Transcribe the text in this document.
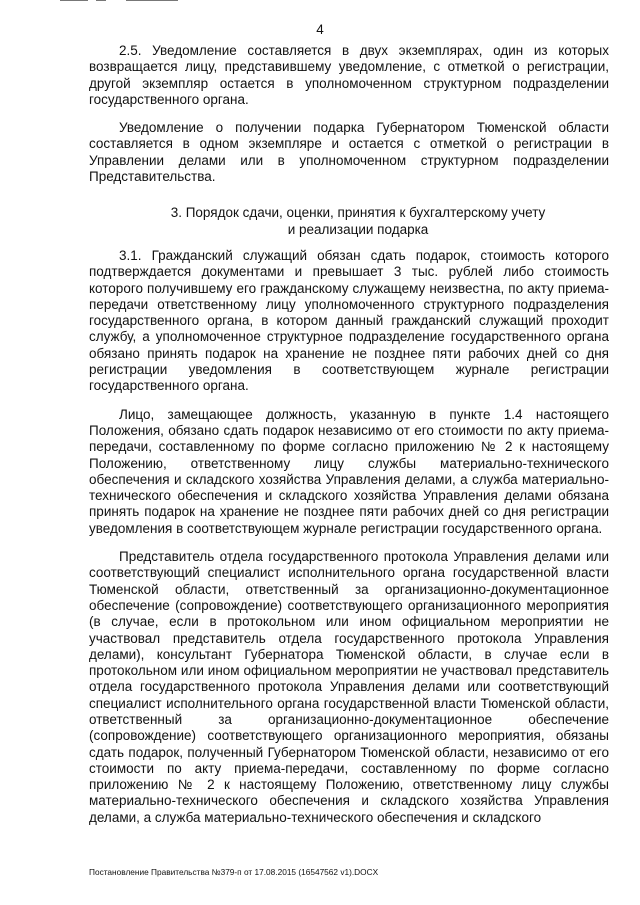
4

2.5. Уведомление составляется в двух экземплярах, один из которых возвращается лицу, представившему уведомление, с отметкой о регистрации, другой экземпляр остается в уполномоченном структурном подразделении государственного органа.

Уведомление о получении подарка Губернатором Тюменской области составляется в одном экземпляре и остается с отметкой о регистрации в Управлении делами или в уполномоченном структурном подразделении Представительства.

3. Порядок сдачи, оценки, принятия к бухгалтерскому учету
и реализации подарка

3.1. Гражданский служащий обязан сдать подарок, стоимость которого подтверждается документами и превышает 3 тыс. рублей либо стоимость которого получившему его гражданскому служащему неизвестна, по акту приема-передачи ответственному лицу уполномоченного структурного подразделения государственного органа, в котором данный гражданский служащий проходит службу, а уполномоченное структурное подразделение государственного органа обязано принять подарок на хранение не позднее пяти рабочих дней со дня регистрации уведомления в соответствующем журнале регистрации государственного органа.

Лицо, замещающее должность, указанную в пункте 1.4 настоящего Положения, обязано сдать подарок независимо от его стоимости по акту приема-передачи, составленному по форме согласно приложению № 2 к настоящему Положению, ответственному лицу службы материально-технического обеспечения и складского хозяйства Управления делами, а служба материально-технического обеспечения и складского хозяйства Управления делами обязана принять подарок на хранение не позднее пяти рабочих дней со дня регистрации уведомления в соответствующем журнале регистрации государственного органа.

Представитель отдела государственного протокола Управления делами или соответствующий специалист исполнительного органа государственной власти Тюменской области, ответственный за организационно-документационное обеспечение (сопровождение) соответствующего организационного мероприятия (в случае, если в протокольном или ином официальном мероприятии не участвовал представитель отдела государственного протокола Управления делами), консультант Губернатора Тюменской области, в случае если в протокольном или ином официальном мероприятии не участвовал представитель отдела государственного протокола Управления делами или соответствующий специалист исполнительного органа государственной власти Тюменской области, ответственный за организационно-документационное обеспечение (сопровождение) соответствующего организационного мероприятия, обязаны сдать подарок, полученный Губернатором Тюменской области, независимо от его стоимости по акту приема-передачи, составленному по форме согласно приложению № 2 к настоящему Положению, ответственному лицу службы материально-технического обеспечения и складского хозяйства Управления делами, а служба материально-технического обеспечения и складского

Постановление Правительства №379-п от 17.08.2015 (16547562 v1).DOCX
